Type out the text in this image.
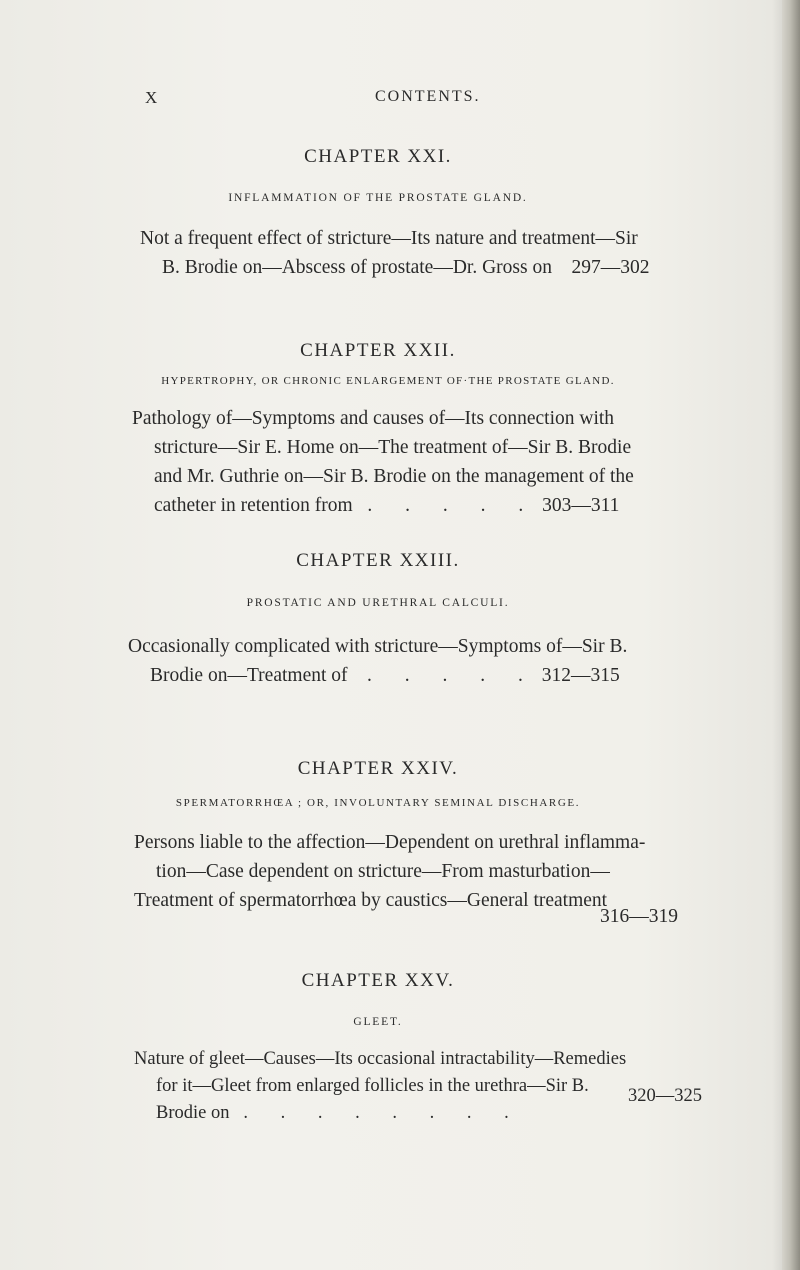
X	CONTENTS.
CHAPTER XXI.
INFLAMMATION OF THE PROSTATE GLAND.
Not a frequent effect of stricture—Its nature and treatment—Sir
B. Brodie on—Abscess of prostate—Dr. Gross on 297—302
CHAPTER XXII.
HYPERTROPHY, OR CHRONIC ENLARGEMENT OF·THE PROSTATE GLAND.
Pathology of—Symptoms and causes of—Its connection with
stricture—Sir E. Home on—The treatment of—Sir B. Brodie
and Mr. Guthrie on—Sir B. Brodie on the management of the
catheter in retention from . . . . . 303—311
CHAPTER XXIII.
PROSTATIC AND URETHRAL CALCULI.
Occasionally complicated with stricture—Symptoms of—Sir B.
Brodie on—Treatment of . . . . . 312—315
CHAPTER XXIV.
SPERMATORRHŒA ; OR, INVOLUNTARY SEMINAL DISCHARGE.
Persons liable to the affection—Dependent on urethral inflamma-
tion—Case dependent on stricture—From masturbation—
Treatment of spermatorrhœa by caustics—General treatment
316—319
CHAPTER XXV.
GLEET.
Nature of gleet—Causes—Its occasional intractability—Remedies
for it—Gleet from enlarged follicles in the urethra—Sir B.
Brodie on . . . . . . . .
320—325
